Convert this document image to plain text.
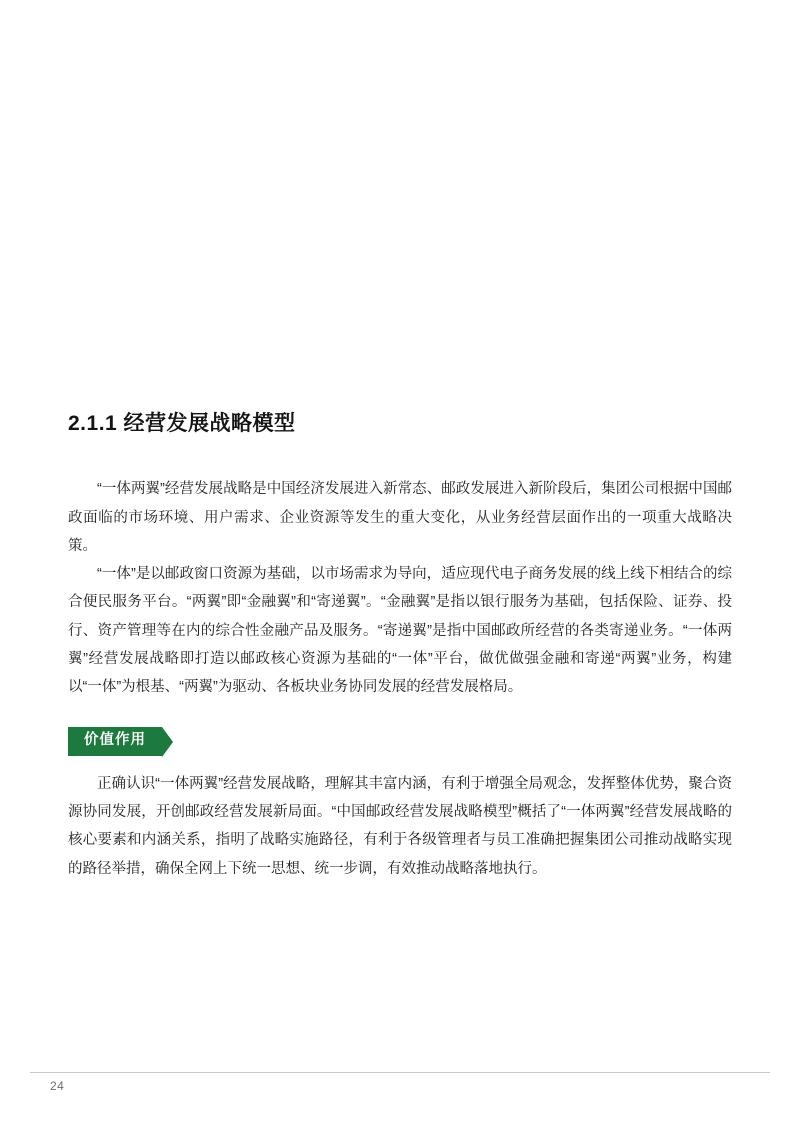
2.1.1 经营发展战略模型

“一体两翼”经营发展战略是中国经济发展进入新常态、邮政发展进入新阶段后，集团公司根据中国邮政面临的市场环境、用户需求、企业资源等发生的重大变化，从业务经营层面作出的一项重大战略决策。

“一体”是以邮政窗口资源为基础，以市场需求为导向，适应现代电子商务发展的线上线下相结合的综合便民服务平台。“两翼”即“金融翼”和“寄递翼”。“金融翼”是指以银行服务为基础，包括保险、证券、投行、资产管理等在内的综合性金融产品及服务。“寄递翼”是指中国邮政所经营的各类寄递业务。“一体两翼”经营发展战略即打造以邮政核心资源为基础的“一体”平台，做优做强金融和寄递“两翼”业务，构建以“一体”为根基、“两翼”为驱动、各板块业务协同发展的经营发展格局。

价值作用

正确认识“一体两翼”经营发展战略，理解其丰富内涵，有利于增强全局观念，发挥整体优势，聚合资源协同发展，开创邮政经营发展新局面。“中国邮政经营发展战略模型”概括了“一体两翼”经营发展战略的核心要素和内涵关系，指明了战略实施路径，有利于各级管理者与员工准确把握集团公司推动战略实现的路径举措，确保全网上下统一思想、统一步调，有效推动战略落地执行。

24
